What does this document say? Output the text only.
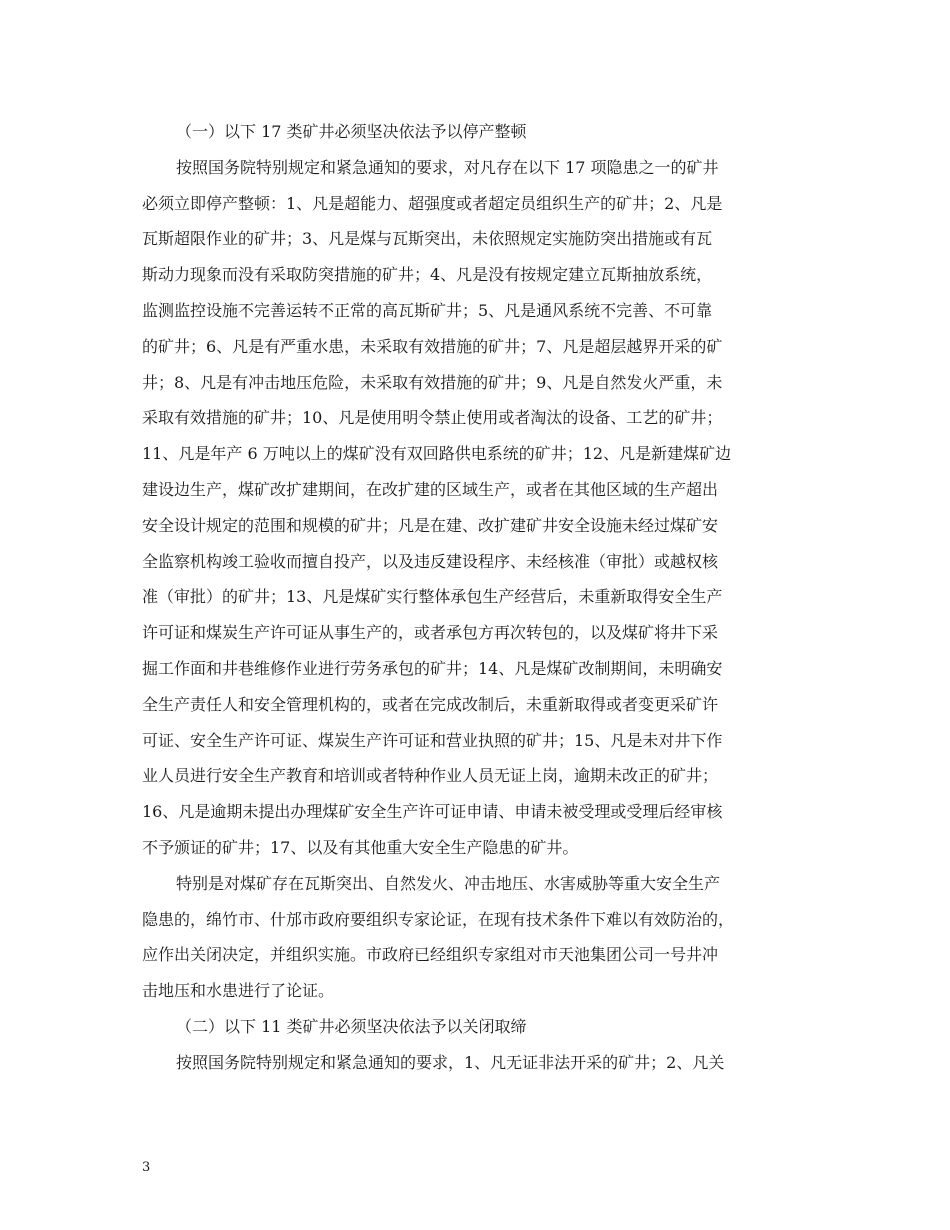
（一）以下 17 类矿井必须坚决依法予以停产整顿
按照国务院特别规定和紧急通知的要求，对凡存在以下 17 项隐患之一的矿井
必须立即停产整顿：1、凡是超能力、超强度或者超定员组织生产的矿井；2、凡是
瓦斯超限作业的矿井；3、凡是煤与瓦斯突出，未依照规定实施防突出措施或有瓦
斯动力现象而没有采取防突措施的矿井；4、凡是没有按规定建立瓦斯抽放系统，
监测监控设施不完善运转不正常的高瓦斯矿井；5、凡是通风系统不完善、不可靠
的矿井；6、凡是有严重水患，未采取有效措施的矿井；7、凡是超层越界开采的矿
井；8、凡是有冲击地压危险，未采取有效措施的矿井；9、凡是自然发火严重，未
采取有效措施的矿井；10、凡是使用明令禁止使用或者淘汰的设备、工艺的矿井；
11、凡是年产 6 万吨以上的煤矿没有双回路供电系统的矿井；12、凡是新建煤矿边
建设边生产，煤矿改扩建期间，在改扩建的区域生产，或者在其他区域的生产超出
安全设计规定的范围和规模的矿井；凡是在建、改扩建矿井安全设施未经过煤矿安
全监察机构竣工验收而擅自投产，以及违反建设程序、未经核准（审批）或越权核
准（审批）的矿井；13、凡是煤矿实行整体承包生产经营后，未重新取得安全生产
许可证和煤炭生产许可证从事生产的，或者承包方再次转包的，以及煤矿将井下采
掘工作面和井巷维修作业进行劳务承包的矿井；14、凡是煤矿改制期间，未明确安
全生产责任人和安全管理机构的，或者在完成改制后，未重新取得或者变更采矿许
可证、安全生产许可证、煤炭生产许可证和营业执照的矿井；15、凡是未对井下作
业人员进行安全生产教育和培训或者特种作业人员无证上岗，逾期未改正的矿井；
16、凡是逾期未提出办理煤矿安全生产许可证申请、申请未被受理或受理后经审核
不予颁证的矿井；17、以及有其他重大安全生产隐患的矿井。
特别是对煤矿存在瓦斯突出、自然发火、冲击地压、水害威胁等重大安全生产
隐患的，绵竹市、什邡市政府要组织专家论证，在现有技术条件下难以有效防治的，
应作出关闭决定，并组织实施。市政府已经组织专家组对市天池集团公司一号井冲
击地压和水患进行了论证。
（二）以下 11 类矿井必须坚决依法予以关闭取缔
按照国务院特别规定和紧急通知的要求，1、凡无证非法开采的矿井；2、凡关
3
